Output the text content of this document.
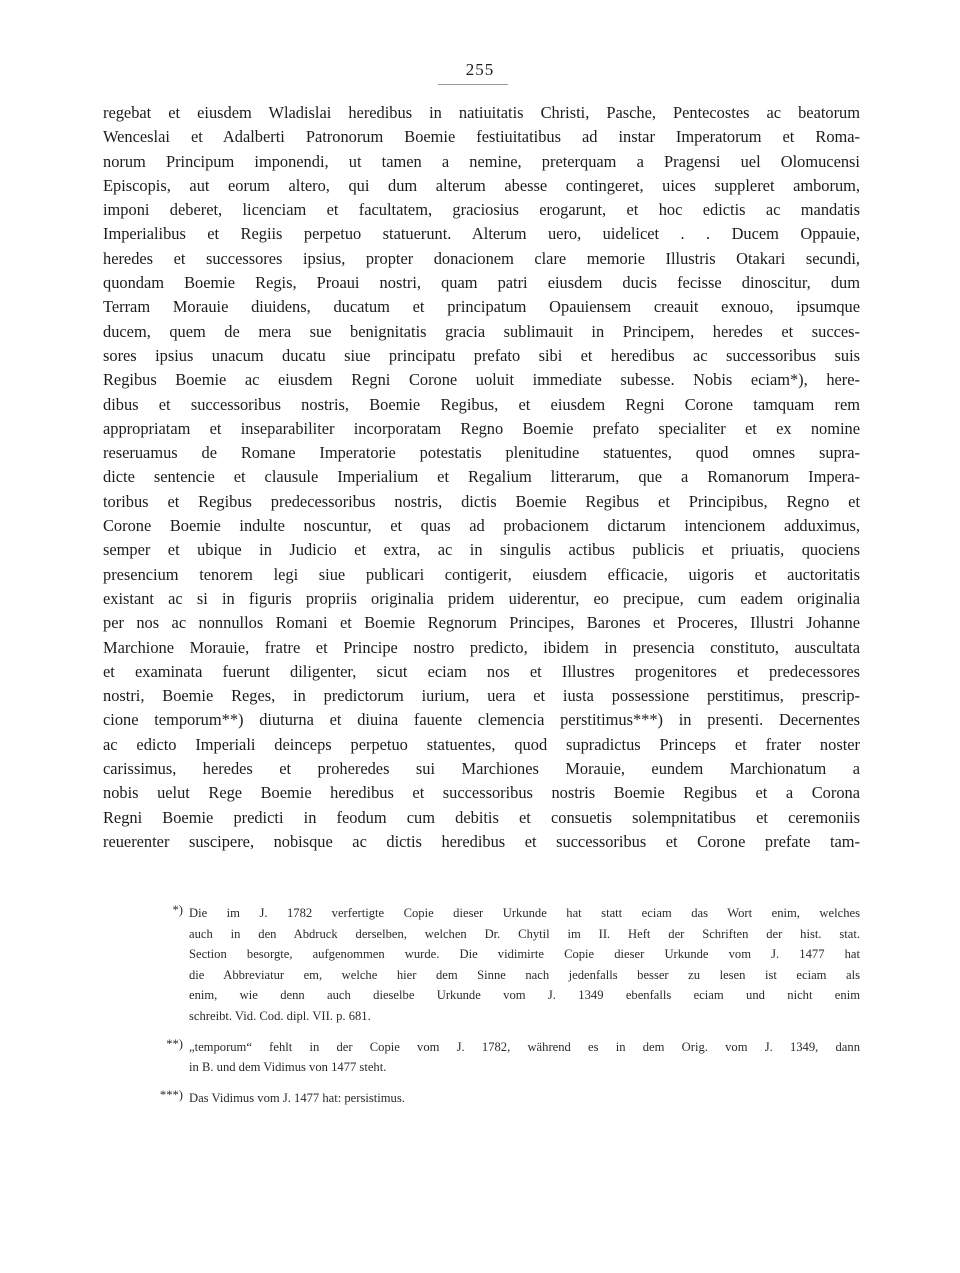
255
regebat et eiusdem Wladislai heredibus in natiuitatis Christi, Pasche, Pentecostes ac beatorum
Wenceslai et Adalberti Patronorum Boemie festiuitatibus ad instar Imperatorum et Roma-
norum Principum imponendi, ut tamen a nemine, preterquam a Pragensi uel Olomucensi
Episcopis, aut eorum altero, qui dum alterum abesse contingeret, uices suppleret amborum,
imponi deberet, licenciam et facultatem, graciosius erogarunt, et hoc edictis ac mandatis
Imperialibus et Regiis perpetuo statuerunt. Alterum uero, uidelicet . . Ducem Oppauie,
heredes et successores ipsius, propter donacionem clare memorie Illustris Otakari secundi,
quondam Boemie Regis, Proaui nostri, quam patri eiusdem ducis fecisse dinoscitur, dum
Terram Morauie diuidens, ducatum et principatum Opauiensem creauit exnouo, ipsumque
ducem, quem de mera sue benignitatis gracia sublimauit in Principem, heredes et succes-
sores ipsius unacum ducatu siue principatu prefato sibi et heredibus ac successoribus suis
Regibus Boemie ac eiusdem Regni Corone uoluit immediate subesse. Nobis eciam*), here-
dibus et successoribus nostris, Boemie Regibus, et eiusdem Regni Corone tamquam rem
appropriatam et inseparabiliter incorporatam Regno Boemie prefato specialiter et ex nomine
reseruamus de Romane Imperatorie potestatis plenitudine statuentes, quod omnes supra-
dicte sentencie et clausule Imperialium et Regalium litterarum, que a Romanorum Impera-
toribus et Regibus predecessoribus nostris, dictis Boemie Regibus et Principibus, Regno et
Corone Boemie indulte noscuntur, et quas ad probacionem dictarum intencionem adduximus,
semper et ubique in Judicio et extra, ac in singulis actibus publicis et priuatis, quociens
presencium tenorem legi siue publicari contigerit, eiusdem efficacie, uigoris et auctoritatis
existant ac si in figuris propriis originalia pridem uiderentur, eo precipue, cum eadem originalia
per nos ac nonnullos Romani et Boemie Regnorum Principes, Barones et Proceres, Illustri Johanne
Marchione Morauie, fratre et Principe nostro predicto, ibidem in presencia constituto, auscultata
et examinata fuerunt diligenter, sicut eciam nos et Illustres progenitores et predecessores
nostri, Boemie Reges, in predictorum iurium, uera et iusta possessione perstitimus, prescrip-
cione temporum**) diuturna et diuina fauente clemencia perstitimus***) in presenti. Decernentes
ac edicto Imperiali deinceps perpetuo statuentes, quod supradictus Princeps et frater noster
carissimus, heredes et proheredes sui Marchiones Morauie, eundem Marchionatum a
nobis uelut Rege Boemie heredibus et successoribus nostris Boemie Regibus et a Corona
Regni Boemie predicti in feodum cum debitis et consuetis solempnitatibus et ceremoniis
reuerenter suscipere, nobisque ac dictis heredibus et successoribus et Corone prefate tam-
*) Die im J. 1782 verfertigte Copie dieser Urkunde hat statt eciam das Wort enim, welches
auch in den Abdruck derselben, welchen Dr. Chytil im II. Heft der Schriften der hist. stat.
Section besorgte, aufgenommen wurde. Die vidimirte Copie dieser Urkunde vom J. 1477 hat
die Abbreviatur em, welche hier dem Sinne nach jedenfalls besser zu lesen ist eciam als
enim, wie denn auch dieselbe Urkunde vom J. 1349 ebenfalls eciam und nicht enim
schreibt. Vid. Cod. dipl. VII. p. 681.
**) „temporum“ fehlt in der Copie vom J. 1782, während es in dem Orig. vom J. 1349, dann
in B. und dem Vidimus von 1477 steht.
***) Das Vidimus vom J. 1477 hat: persistimus.
